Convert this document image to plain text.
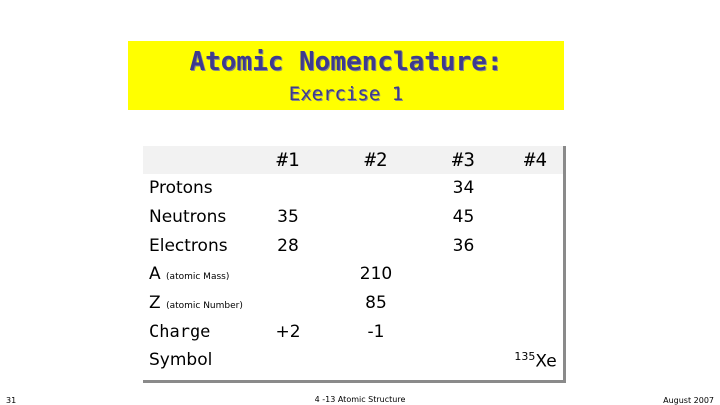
Atomic Nomenclature:
Exercise 1
	#1	#2	#3	#4
Protons			34	
Neutrons	35		45	
Electrons	28		36	
A (atomic Mass)		210		
Z (atomic Number)		85		
Charge	+2	-1		
Symbol				$^{135}$Xe
31	4 -13 Atomic Structure	August 2007
